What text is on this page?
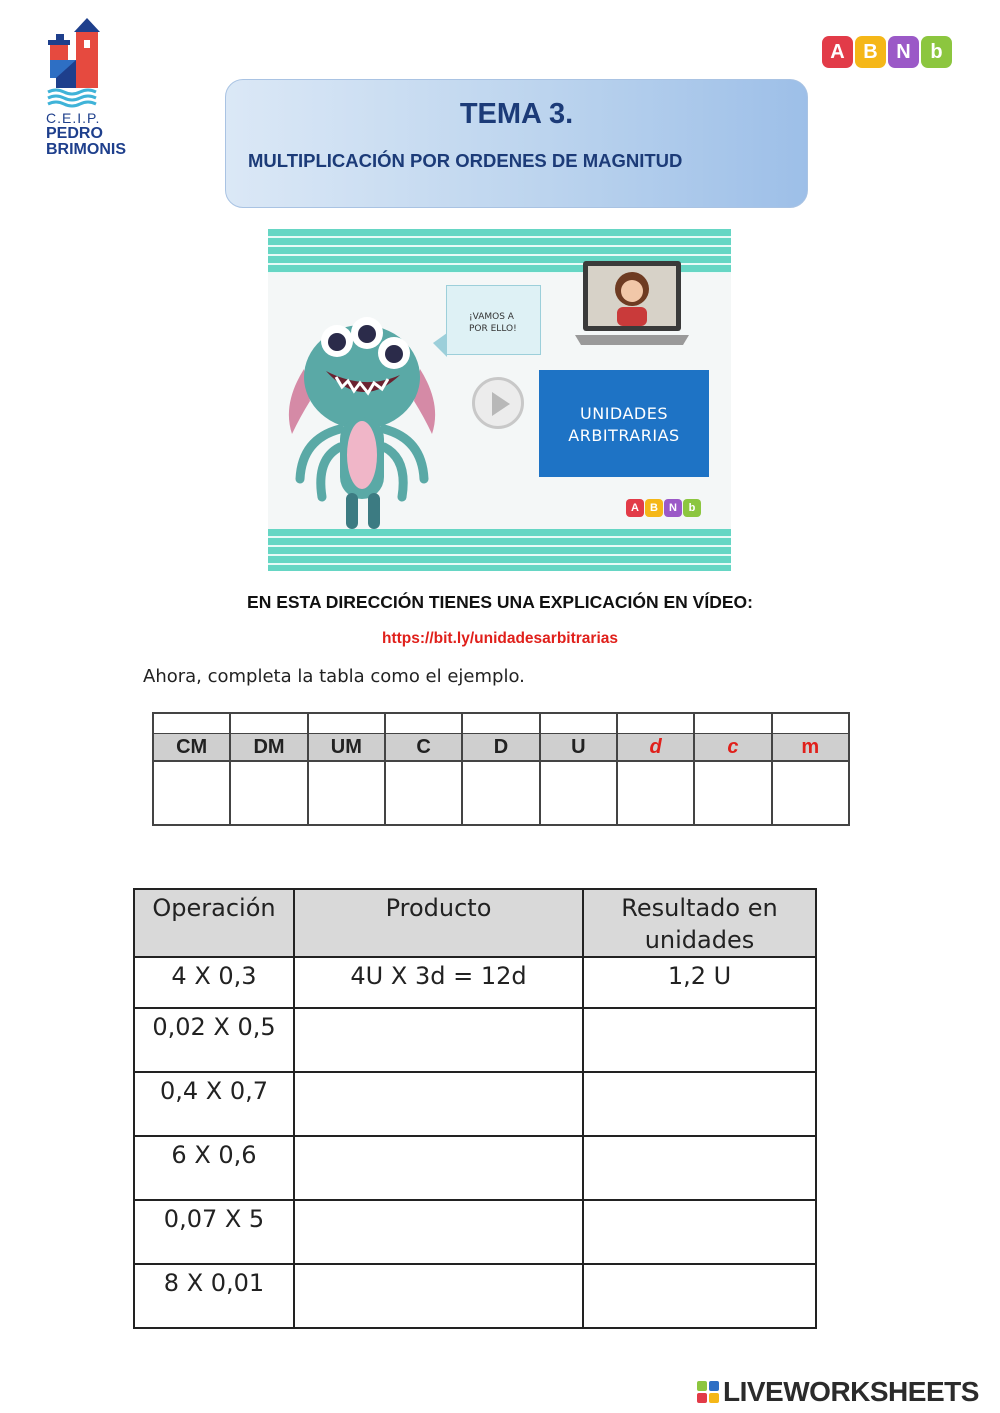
C.E.I.P.
PEDRO
BRIMONIS
A B N b
TEMA 3.
MULTIPLICACIÓN POR ORDENES DE MAGNITUD
¡VAMOS A
POR ELLO!
UNIDADES
ARBITRARIAS
A	B	N	b
EN ESTA DIRECCIÓN TIENES UNA EXPLICACIÓN EN VÍDEO:
https://bit.ly/unidadesarbitrarias
Ahora, completa la tabla como el ejemplo.
CM	DM	UM	C	D	U	d	c	m
Operación	Producto	Resultado en unidades
4 X 0,3	4U X 3d = 12d	1,2 U
0,02 X 0,5		
0,4 X 0,7		
6 X 0,6		
0,07 X 5		
8 X 0,01		
LIVEWORKSHEETS
